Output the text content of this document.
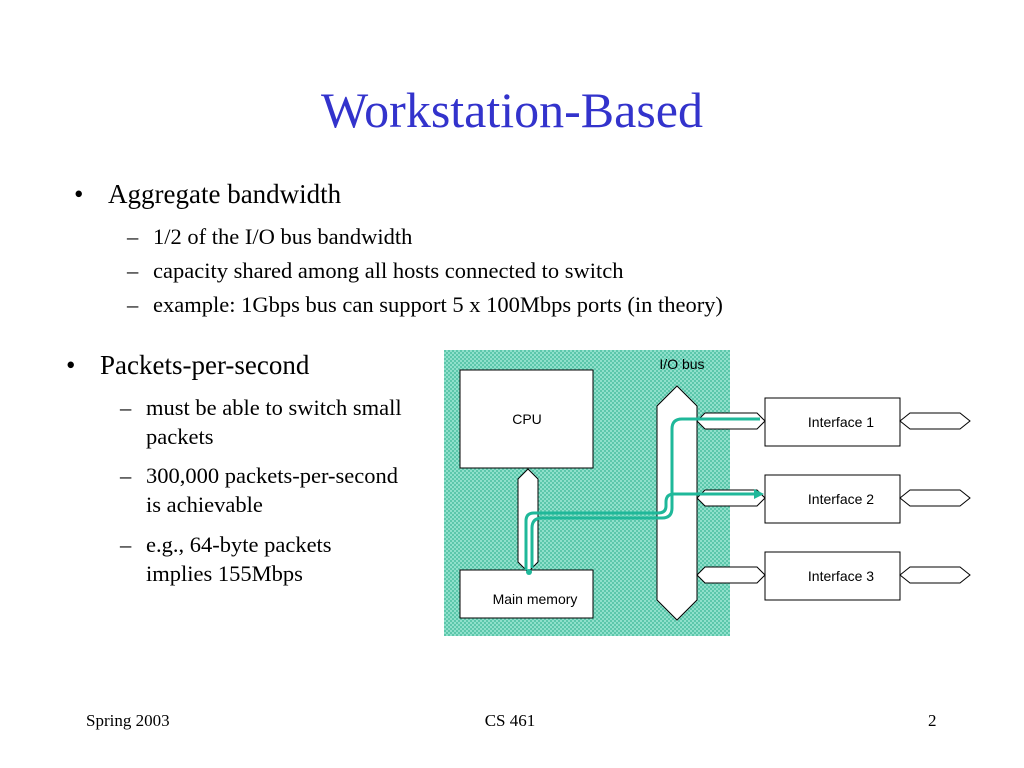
Workstation-Based
• Aggregate bandwidth
– 1/2 of the I/O bus bandwidth
– capacity shared among all hosts connected to switch
– example: 1Gbps bus can support 5 x 100Mbps ports (in theory)
• Packets-per-second
– must be able to switch small packets
– 300,000 packets-per-second is achievable
– e.g., 64-byte packets implies 155Mbps
CPU
Main memory
I/O bus
Interface 1
Interface 2
Interface 3
Spring 2003	CS 461	2
